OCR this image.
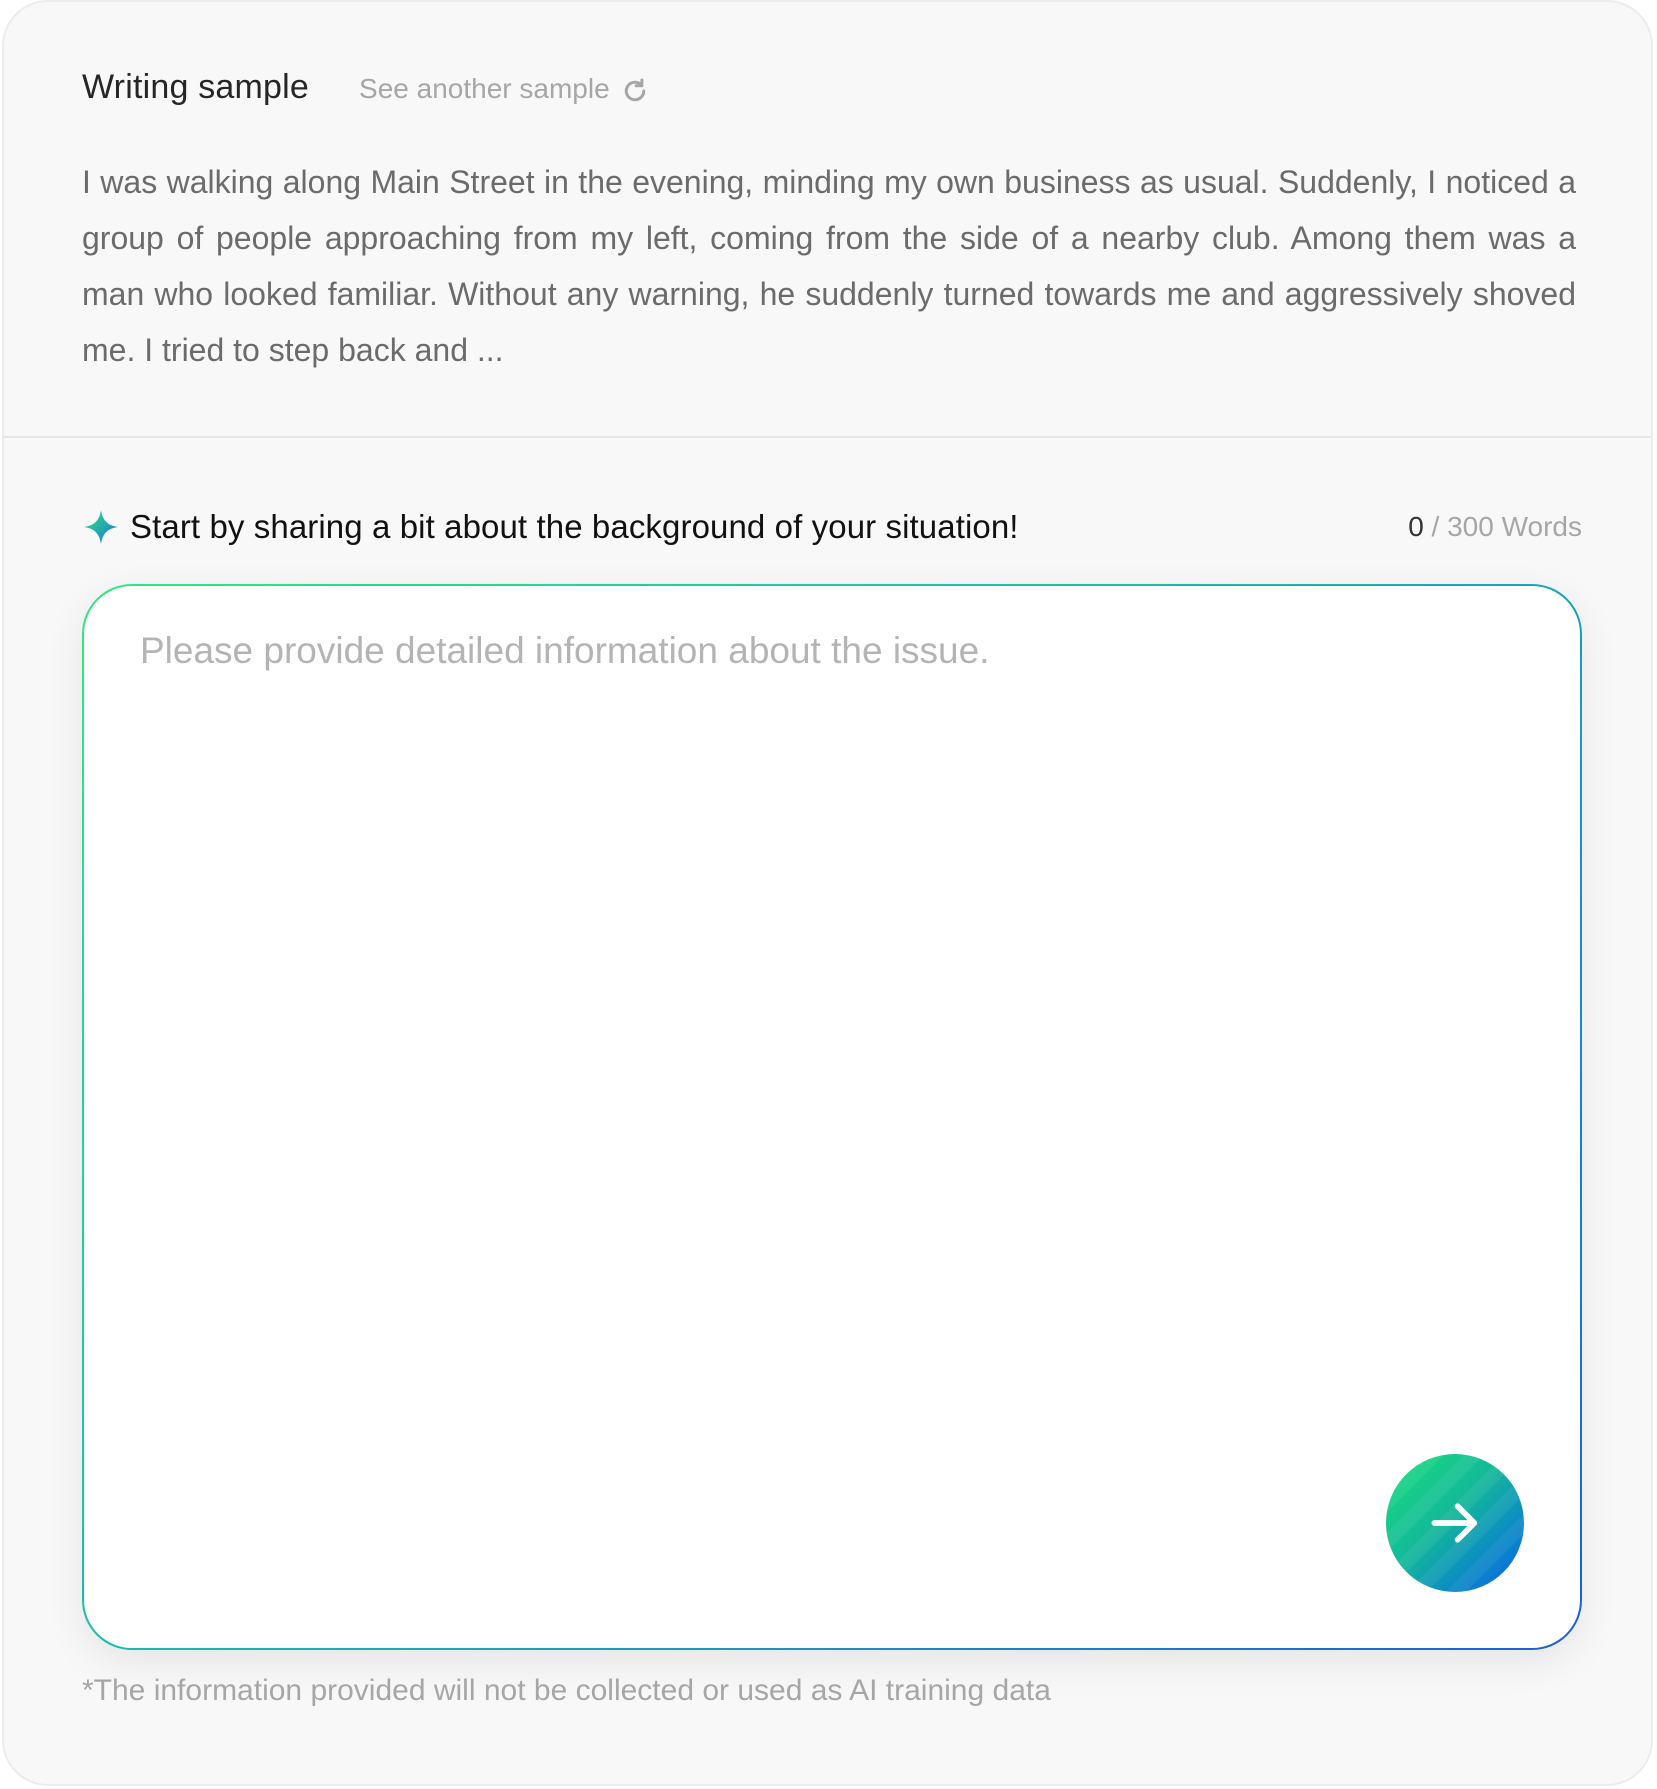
Writing sample See another sample
I was walking along Main Street in the evening, minding my own business as usual. Suddenly, I noticed a group of people approaching from my left, coming from the side of a nearby club. Among them was a man who looked familiar. Without any warning, he suddenly turned towards me and aggressively shoved me. I tried to step back and ...
Start by sharing a bit about the background of your situation!	0 / 300 Words
Please provide detailed information about the issue.
*The information provided will not be collected or used as AI training data
